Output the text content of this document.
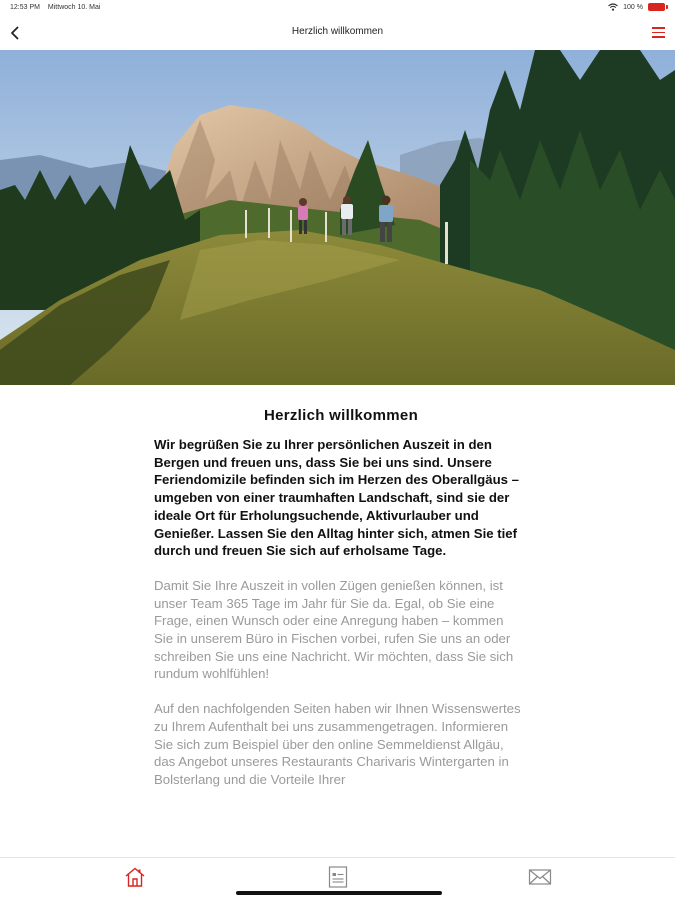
12:53 PM Mittwoch 10. Mai	100 %
Herzlich willkommen
Herzlich willkommen

Wir begrüßen Sie zu Ihrer persönlichen Auszeit in den Bergen und freuen uns, dass Sie bei uns sind. Unsere Feriendomizile befinden sich im Herzen des Oberallgäus – umgeben von einer traumhaften Landschaft, sind sie der ideale Ort für Erholungsuchende, Aktivurlauber und Genießer. Lassen Sie den Alltag hinter sich, atmen Sie tief durch und freuen Sie sich auf erholsame Tage.

Damit Sie Ihre Auszeit in vollen Zügen genießen können, ist unser Team 365 Tage im Jahr für Sie da. Egal, ob Sie eine Frage, einen Wunsch oder eine Anregung haben – kommen Sie in unserem Büro in Fischen vorbei, rufen Sie uns an oder schreiben Sie uns eine Nachricht. Wir möchten, dass Sie sich rundum wohlfühlen!

Auf den nachfolgenden Seiten haben wir Ihnen Wissenswertes zu Ihrem Aufenthalt bei uns zusammengetragen. Informieren Sie sich zum Beispiel über den online Semmeldienst Allgäu, das Angebot unseres Restaurants Charivaris Wintergarten in Bolsterlang und die Vorteile Ihrer
